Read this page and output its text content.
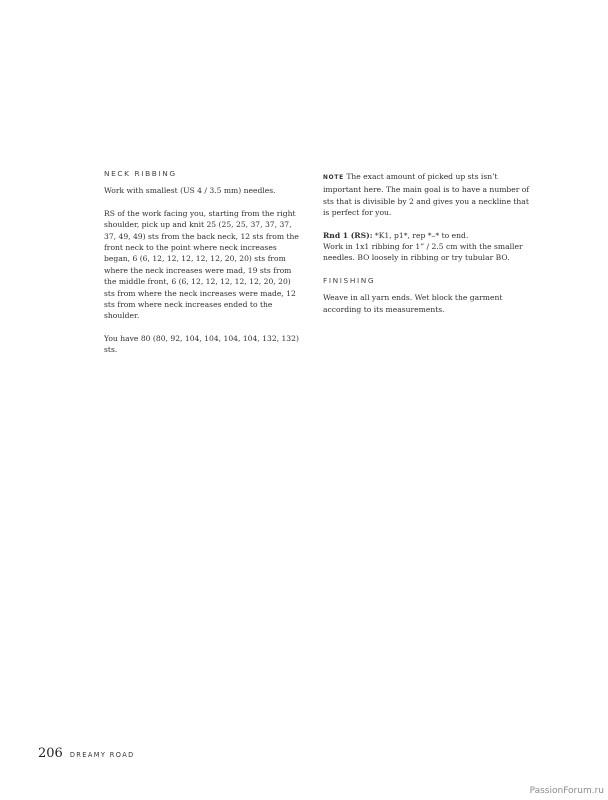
NECK RIBBING

Work with smallest (US 4 / 3.5 mm) needles.

RS of the work facing you, starting from the right shoulder, pick up and knit 25 (25, 25, 37, 37, 37, 37, 49, 49) sts from the back neck, 12 sts from the front neck to the point where neck increases began, 6 (6, 12, 12, 12, 12, 12, 20, 20) sts from where the neck increases were mad, 19 sts from the middle front, 6 (6, 12, 12, 12, 12, 12, 20, 20) sts from where the neck increases were made, 12 sts from where neck increases ended to the shoulder.

You have 80 (80, 92, 104, 104, 104, 104, 132, 132) sts.

NOTE The exact amount of picked up sts isn’t important here. The main goal is to have a number of sts that is divisible by 2 and gives you a neckline that is perfect for you.

Rnd 1 (RS): *K1, p1*, rep *–* to end.

Work in 1x1 ribbing for 1” / 2.5 cm with the smaller needles. BO loosely in ribbing or try tubular BO.

FINISHING

Weave in all yarn ends. Wet block the garment according to its measurements.

206 DREAMY ROAD
PassionForum.ru
